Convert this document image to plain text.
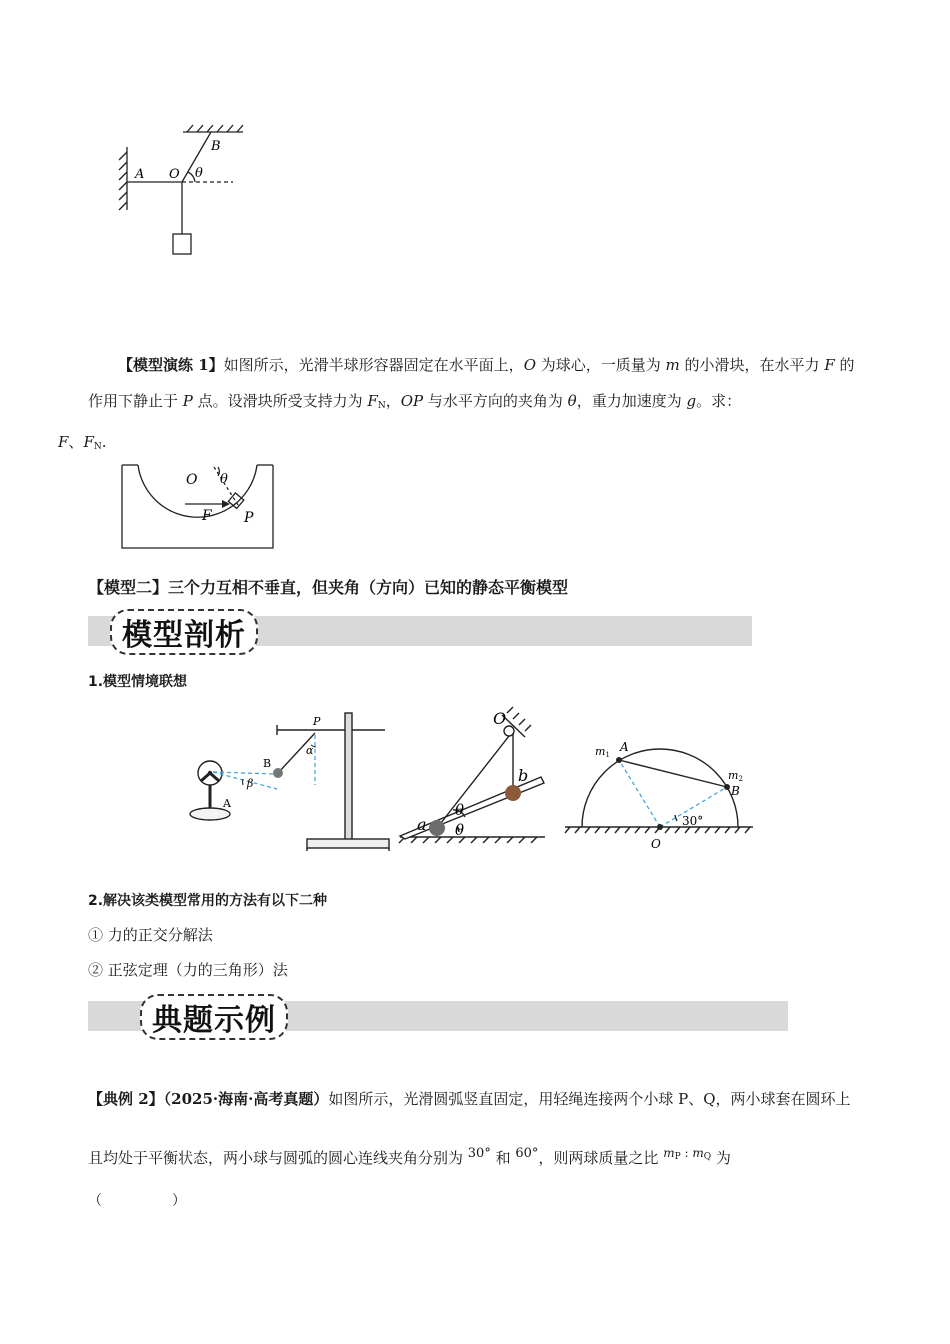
A O
B
θ
【模型演练 1】如图所示，光滑半球形容器固定在水平面上，O 为球心，一质量为 m 的小滑块，在水平力 F 的作用下静止于 P 点。设滑块所受支持力为 $F_N$，OP 与水平方向的夹角为 θ，重力加速度为 g。求：
F、$F_N$.
O θ
F P
【模型二】三个力互相不垂直，但夹角（方向）已知的静态平衡模型
模型剖析
1.模型情境联想
P
B
A
α
β
O
a
b
θ
θ
m1
A
m2
B
O
30°
2.解决该类模型常用的方法有以下二种
① 力的正交分解法
② 正弦定理（力的三角形）法
典题示例
【典例 2】（2025·海南·高考真题）如图所示，光滑圆弧竖直固定，用轻绳连接两个小球 P、Q，两小球套在圆环上且均处于平衡状态，两小球与圆弧的圆心连线夹角分别为 $^{30^\circ}$ 和 $^{60^\circ}$，则两球质量之比 $^{m_P : m_Q}$ 为
（　　　　　）
